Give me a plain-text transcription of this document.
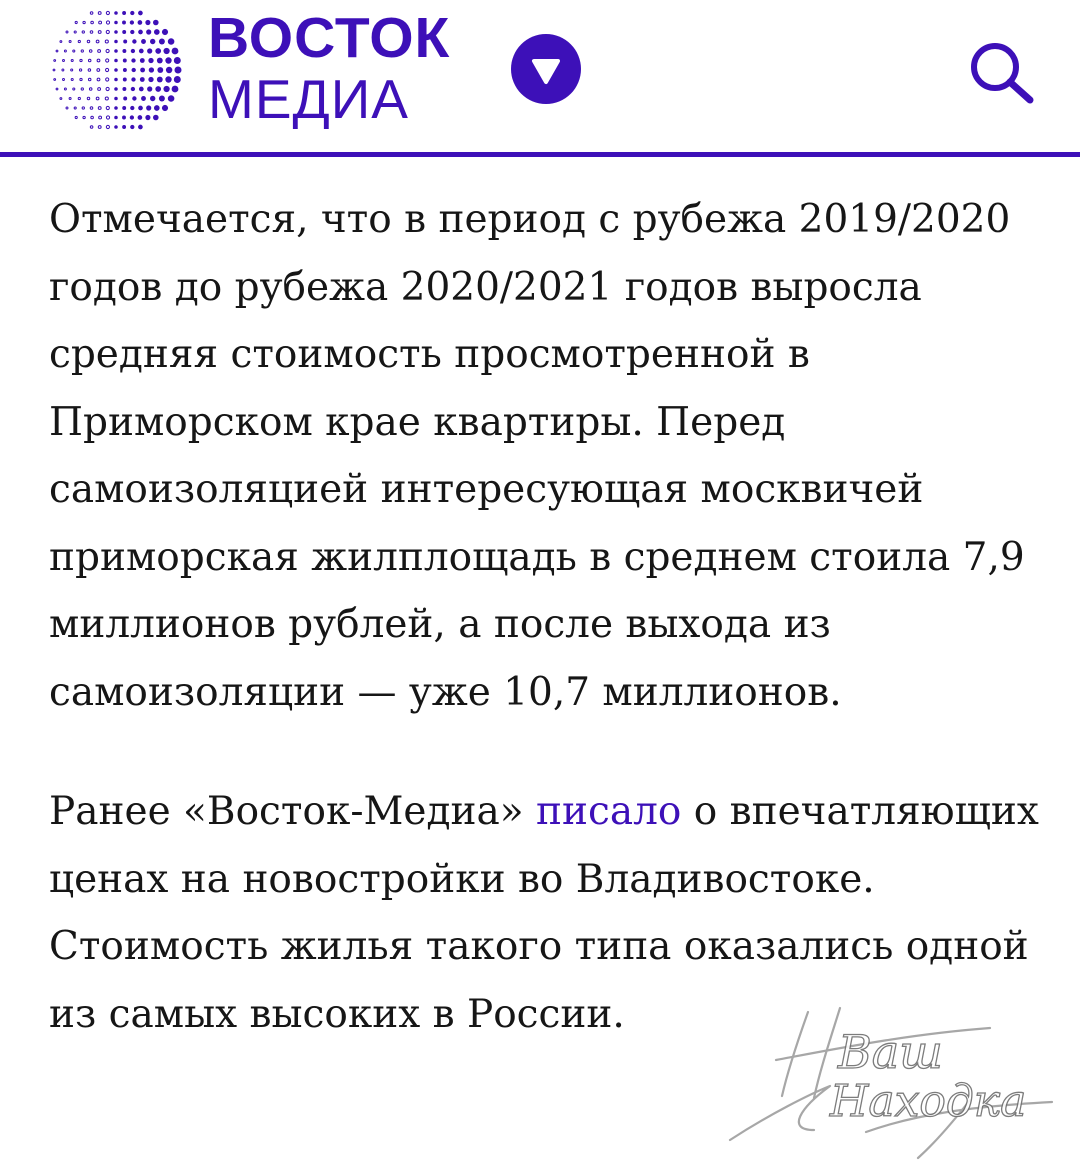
ВОСТОК
МЕДИА

Отмечается, что в период с рубежа 2019/2020 годов до рубежа 2020/2021 годов выросла средняя стоимость просмотренной в Приморском крае квартиры. Перед самоизоляцией интересующая москвичей приморская жилплощадь в среднем стоила 7,9 миллионов рублей, а после выхода из самоизоляции — уже 10,7 миллионов.

Ранее «Восток-Медиа» писало о впечатляющих ценах на новостройки во Владивостоке. Стоимость жилья такого типа оказались одной из самых высоких в России.

Ваш
Находка
